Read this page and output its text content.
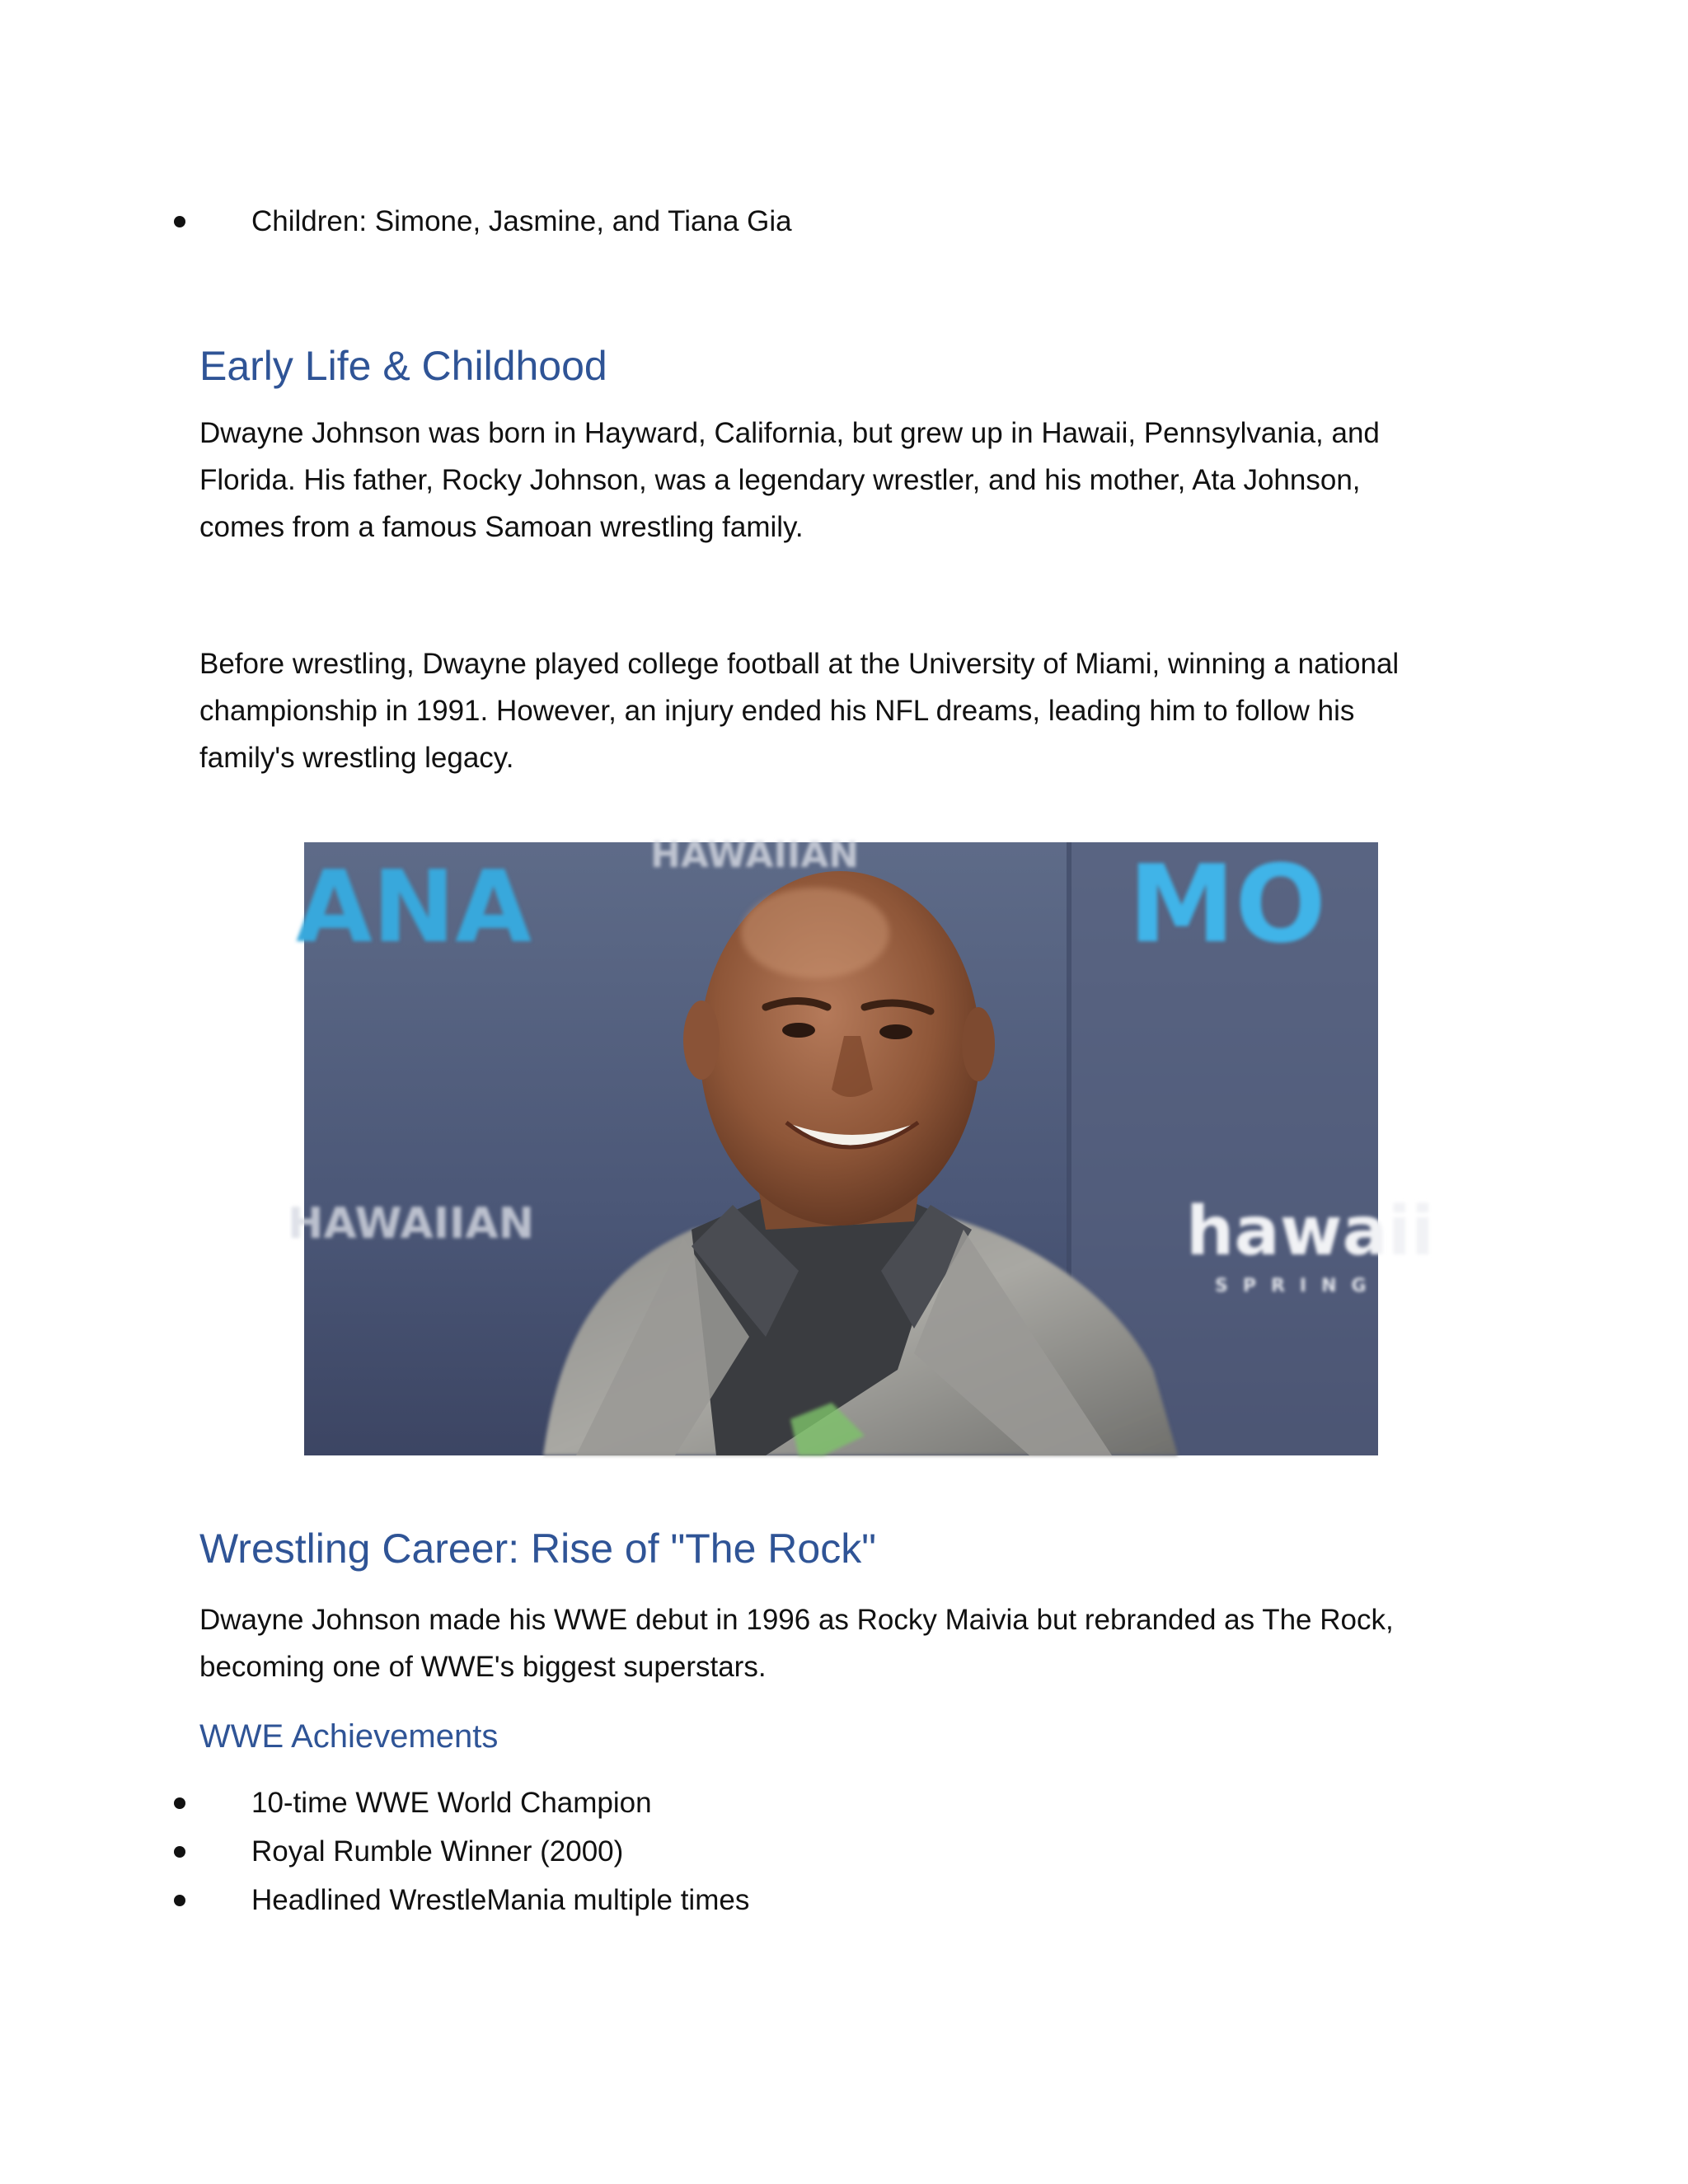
Children: Simone, Jasmine, and Tiana Gia
Early Life & Childhood

Dwayne Johnson was born in Hayward, California, but grew up in Hawaii, Pennsylvania, and
Florida. His father, Rocky Johnson, was a legendary wrestler, and his mother, Ata Johnson,
comes from a famous Samoan wrestling family.

Before wrestling, Dwayne played college football at the University of Miami, winning a national
championship in 1991. However, an injury ended his NFL dreams, leading him to follow his
family's wrestling legacy.

ANA	MO
HAWAIIAN
HAWAIIAN	hawaii
SPRING
Wrestling Career: Rise of "The Rock"

Dwayne Johnson made his WWE debut in 1996 as Rocky Maivia but rebranded as The Rock,
becoming one of WWE's biggest superstars.

WWE Achievements
10-time WWE World Champion
Royal Rumble Winner (2000)
Headlined WrestleMania multiple times
